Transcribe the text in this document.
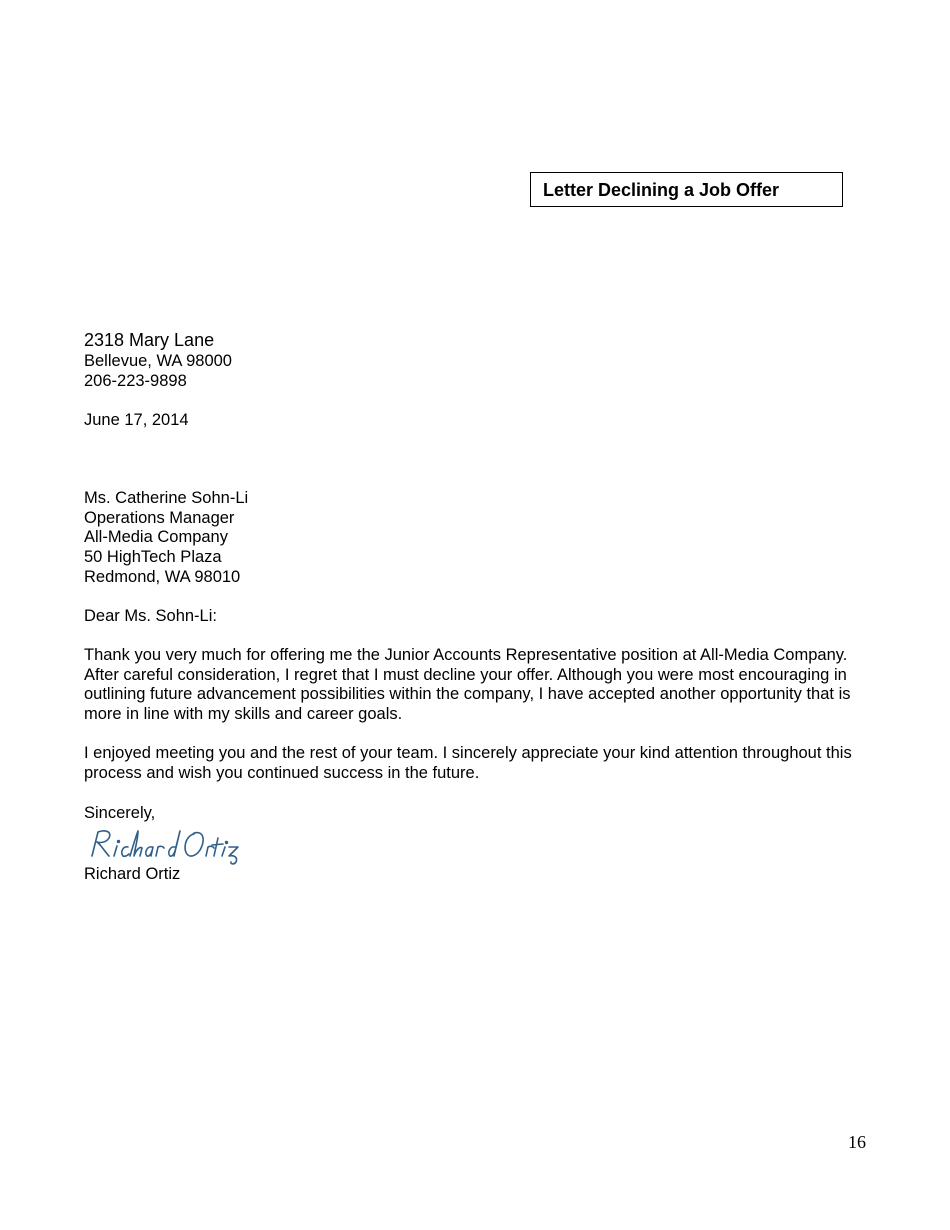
Letter Declining a Job Offer
2318 Mary Lane
Bellevue, WA 98000
206-223-9898
June 17, 2014
Ms. Catherine Sohn-Li
Operations Manager
All-Media Company
50 HighTech Plaza
Redmond, WA 98010
Dear Ms. Sohn-Li:
Thank you very much for offering me the Junior Accounts Representative position at All-Media Company. After careful consideration, I regret that I must decline your offer. Although you were most encouraging in outlining future advancement possibilities within the company, I have accepted another opportunity that is more in line with my skills and career goals.
I enjoyed meeting you and the rest of your team. I sincerely appreciate your kind attention throughout this process and wish you continued success in the future.
Sincerely,
Richard Ortiz
16
